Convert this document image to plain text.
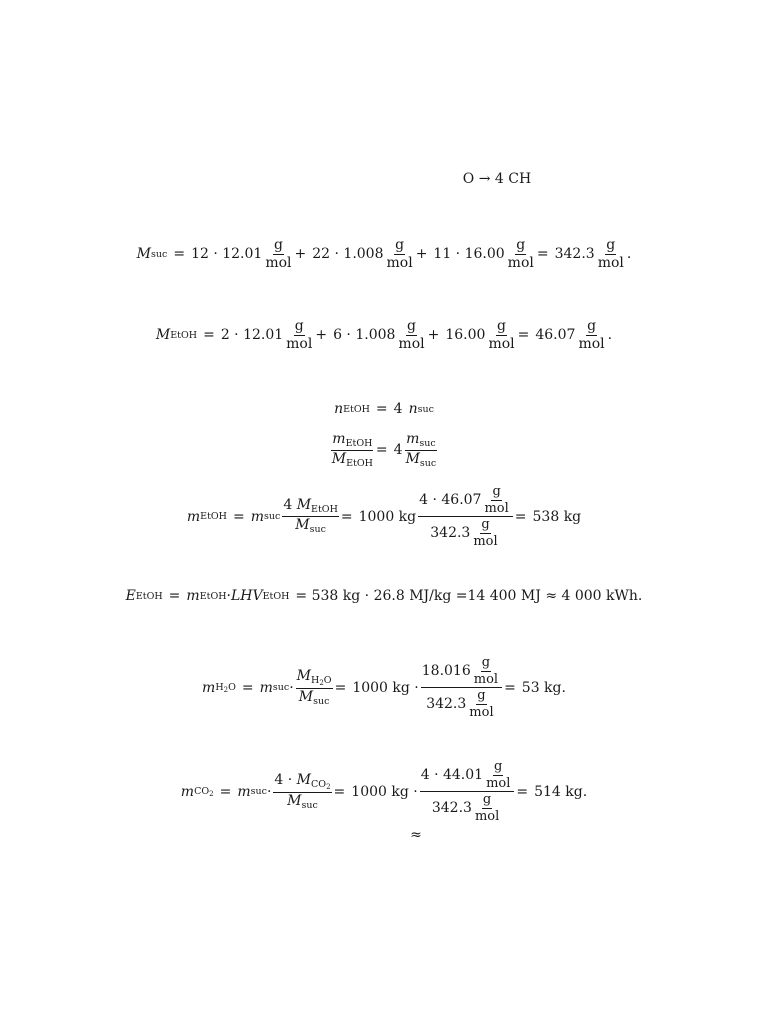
O → 4 CH
M suc = $12 \cdot 12.01 \frac{g}{\text{mol}} + 22 \cdot 1.008 \frac{g}{\text{mol}} + 11 \cdot 16.00 \frac{g}{\text{mol}} = 342.3 \frac{g}{\text{mol}}$ .
M EtOH = $2 \cdot 12.01 \frac{g}{\text{mol}} + 6 \cdot 1.008 \frac{g}{\text{mol}} + 16.00 \frac{g}{\text{mol}} = 46.07 \frac{g}{\text{mol}}$ .
n EtOH = 4 n suc
$\frac{m_{EtOH}}{M_{EtOH}} = 4 \frac{m_{suc}}{M_{suc}}$
m EtOH = m suc $\frac{4 M_{EtOH}}{M_{suc}} = 1000$ kg $\frac{4 \cdot 46.07 \frac{g}{\text{mol}}}{342.3 \frac{g}{\text{mol}}} = 538$ kg
E EtOH = m EtOH · LHV EtOH = 538 kg · 26.8 MJ/kg =14 400 MJ ≈ 4 000 kWh.
m $H_2O = m$ suc · $\frac{M_{H_2O}}{M_{suc}} = 1000$ kg · $\frac{18.016 \frac{g}{\text{mol}}}{342.3 \frac{g}{\text{mol}}} = 53$ kg.
m $CO_2 = m$ suc · $\frac{4 \cdot M_{CO_2}}{M_{suc}} = 1000$ kg · $\frac{4 \cdot 44.01 \frac{g}{\text{mol}}}{342.3 \frac{g}{\text{mol}}} = 514$ kg.
≈
